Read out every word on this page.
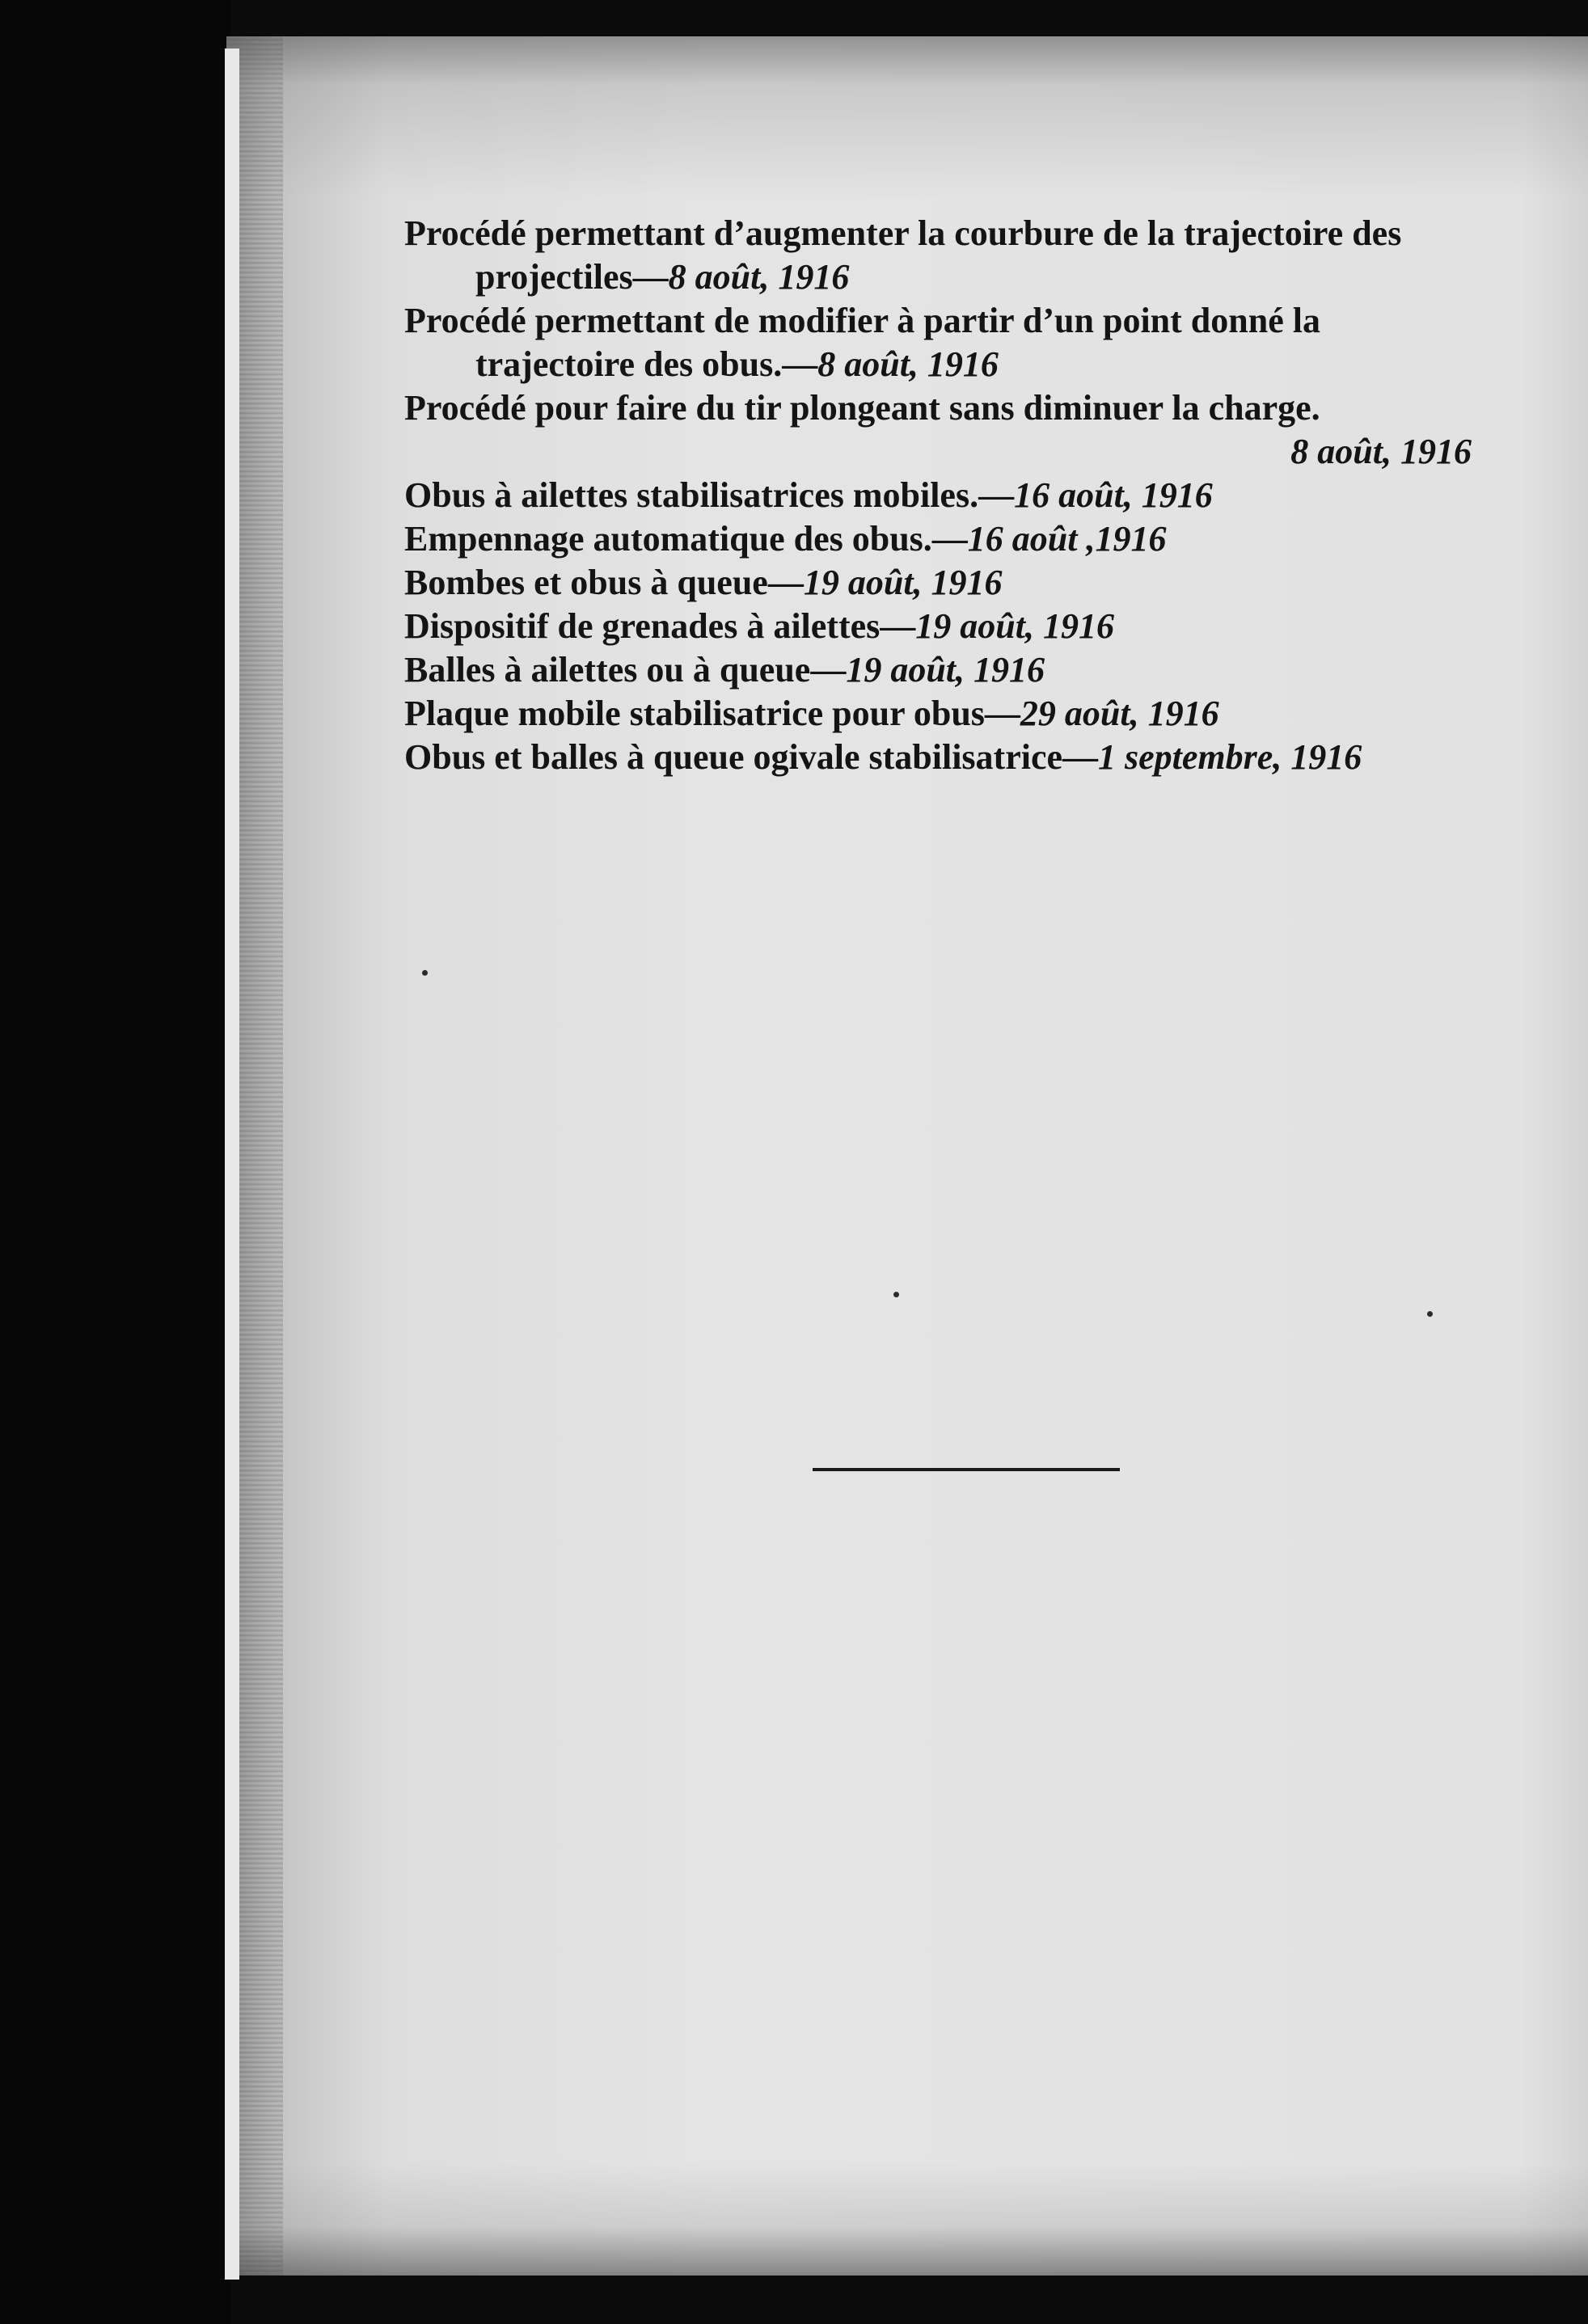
Procédé permettant d’augmenter la courbure de la trajectoire des projectiles—8 août, 1916

Procédé permettant de modifier à partir d’un point donné la trajectoire des obus.—8 août, 1916

Procédé pour faire du tir plongeant sans diminuer la charge.
8 août, 1916

Obus à ailettes stabilisatrices mobiles.—16 août, 1916

Empennage automatique des obus.—16 août ,1916

Bombes et obus à queue—19 août, 1916

Dispositif de grenades à ailettes—19 août, 1916

Balles à ailettes ou à queue—19 août, 1916

Plaque mobile stabilisatrice pour obus—29 août, 1916

Obus et balles à queue ogivale stabilisatrice—1 septembre, 1916
